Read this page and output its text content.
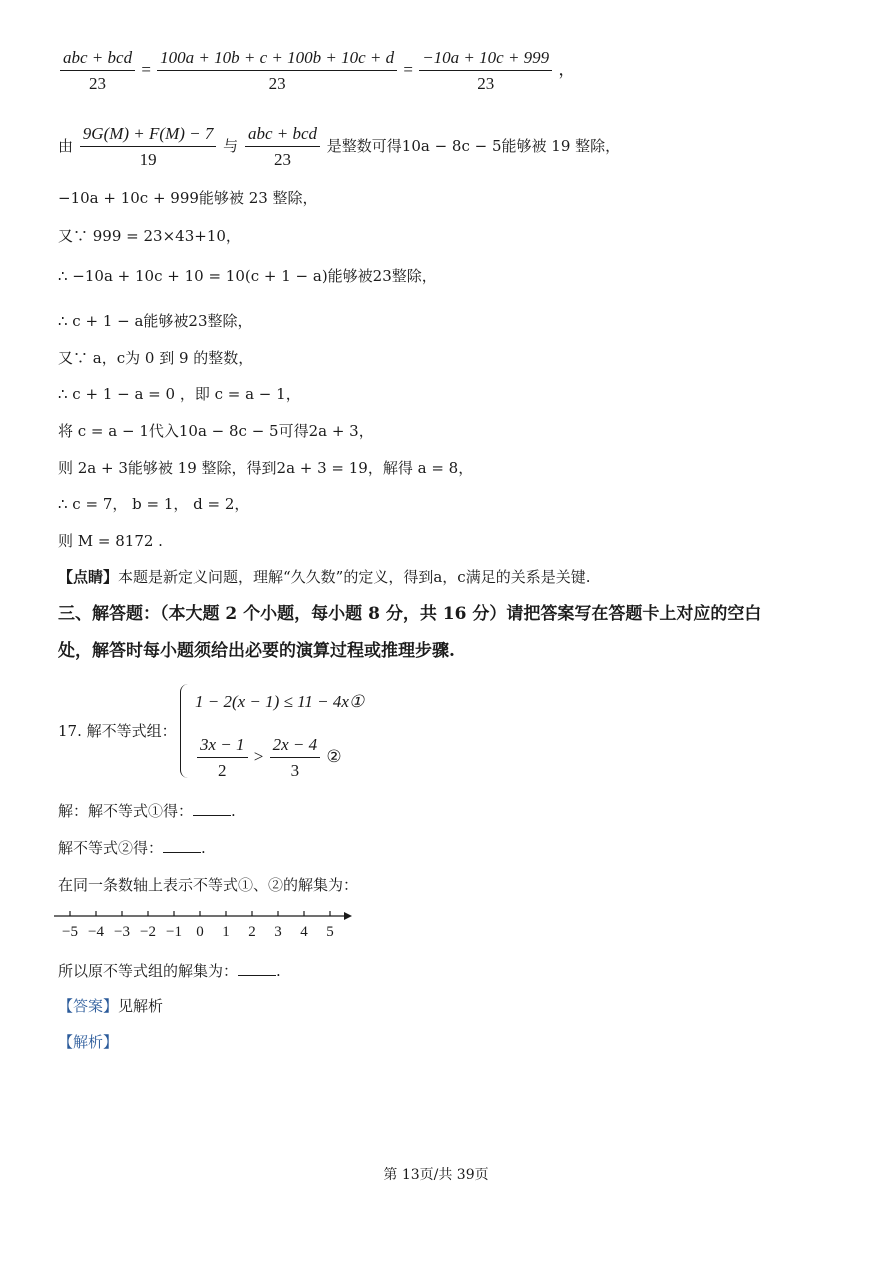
$\frac{\text{abc + bcd}}{23} = \frac{100a + 10b + c + 100b + 10c + d}{23} = \frac{-10a + 10c + 999}{23}$ ，
由 $\frac{9G(M) + F(M) - 7}{19}$ 与 $\frac{\text{abc + bcd}}{23}$ 是整数可得10a − 8c − 5能够被 19 整除，
−10a + 10c + 999能够被 23 整除，
又∵ 999 = 23×43+10，
∴ −10a + 10c + 10 = 10(c + 1 − a)能够被23整除，
∴ c + 1 − a能够被23整除，
又∵ a，c为 0 到 9 的整数，
∴ c + 1 − a = 0 ，即 c = a − 1，
将 c = a − 1代入10a − 8c − 5可得2a + 3，
则 2a + 3能够被 19 整除，得到2a + 3 = 19，解得 a = 8，
∴ c = 7， b = 1， d = 2，
则 M = 8172 .
【点睛】本题是新定义问题，理解“久久数”的定义，得到a，c满足的关系是关键.
三、解答题：（本大题 2 个小题，每小题 8 分，共 16 分）请把答案写在答题卡上对应的空白
处，解答时每小题须给出必要的演算过程或推理步骤.
17. 解不等式组：
1 − 2(x − 1) ≤ 11 − 4x①
$\frac{3x - 1}{2} > \frac{2x - 4}{3}$ ②
解：解不等式①得：	.
解不等式②得：	.
在同一条数轴上表示不等式①、②的解集为：
−5 −4 −3 −2 −1 0 1 2 3 4 5
所以原不等式组的解集为：	.
【答案】见解析
【解析】
第 13页/共 39页
